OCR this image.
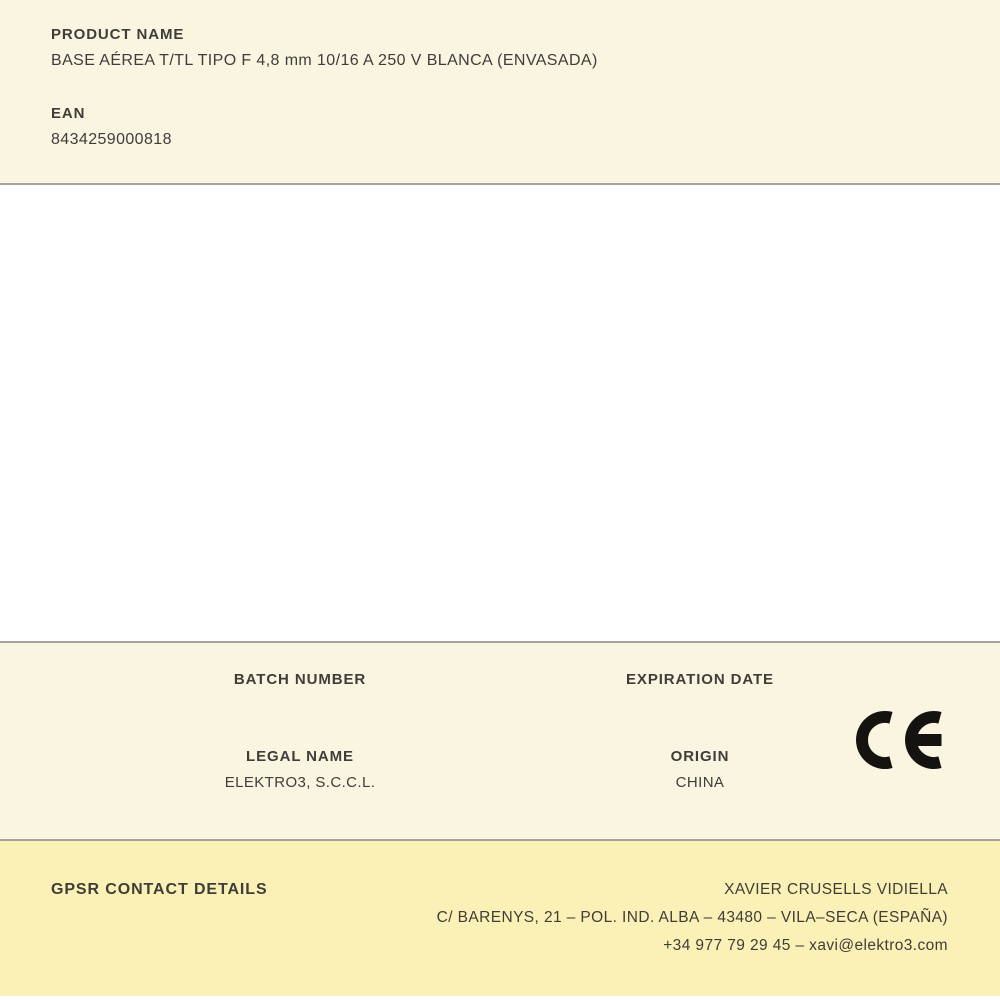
PRODUCT NAME
BASE AÉREA T/TL TIPO F 4,8 mm 10/16 A 250 V BLANCA (ENVASADA)
EAN
8434259000818
BATCH NUMBER	EXPIRATION DATE
LEGAL NAME
ELEKTRO3, S.C.C.L.
ORIGIN
CHINA
GPSR CONTACT DETAILS	XAVIER CRUSELLS VIDIELLA
C/ BARENYS, 21 – POL. IND. ALBA – 43480 – VILA–SECA (ESPAÑA)
+34 977 79 29 45 – xavi@elektro3.com
